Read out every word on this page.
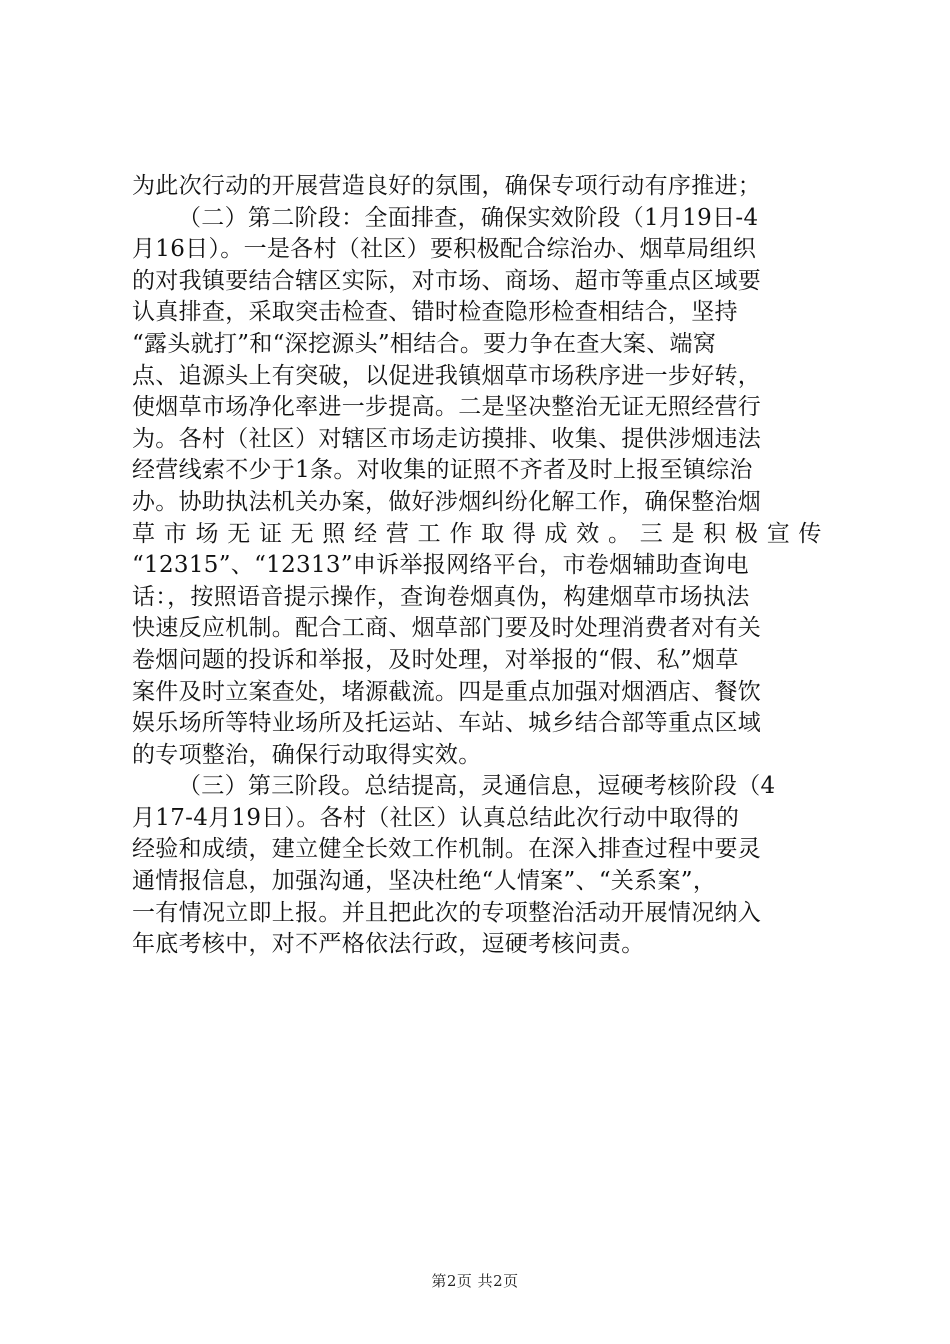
为此次行动的开展营造良好的氛围，确保专项行动有序推进；
（二）第二阶段：全面排查，确保实效阶段（1月19日-4
月16日）。一是各村（社区）要积极配合综治办、烟草局组织
的对我镇要结合辖区实际，对市场、商场、超市等重点区域要
认真排查，采取突击检查、错时检查隐形检查相结合，坚持
“露头就打”和“深挖源头”相结合。要力争在查大案、端窝
点、追源头上有突破，以促进我镇烟草市场秩序进一步好转，
使烟草市场净化率进一步提高。二是坚决整治无证无照经营行
为。各村（社区）对辖区市场走访摸排、收集、提供涉烟违法
经营线索不少于1条。对收集的证照不齐者及时上报至镇综治
办。协助执法机关办案，做好涉烟纠纷化解工作，确保整治烟
草 市 场 无 证 无 照 经 营 工 作 取 得 成 效 。 三 是 积 极 宣 传
“12315”、“12313”申诉举报网络平台，市卷烟辅助查询电
话：，按照语音提示操作，查询卷烟真伪，构建烟草市场执法
快速反应机制。配合工商、烟草部门要及时处理消费者对有关
卷烟问题的投诉和举报，及时处理，对举报的“假、私”烟草
案件及时立案查处，堵源截流。四是重点加强对烟酒店、餐饮
娱乐场所等特业场所及托运站、车站、城乡结合部等重点区域
的专项整治，确保行动取得实效。
（三）第三阶段。总结提高，灵通信息，逗硬考核阶段（4
月17-4月19日）。各村（社区）认真总结此次行动中取得的
经验和成绩，建立健全长效工作机制。在深入排查过程中要灵
通情报信息，加强沟通，坚决杜绝“人情案”、“关系案”，
一有情况立即上报。并且把此次的专项整治活动开展情况纳入
年底考核中，对不严格依法行政，逗硬考核问责。
第2页 共2页
